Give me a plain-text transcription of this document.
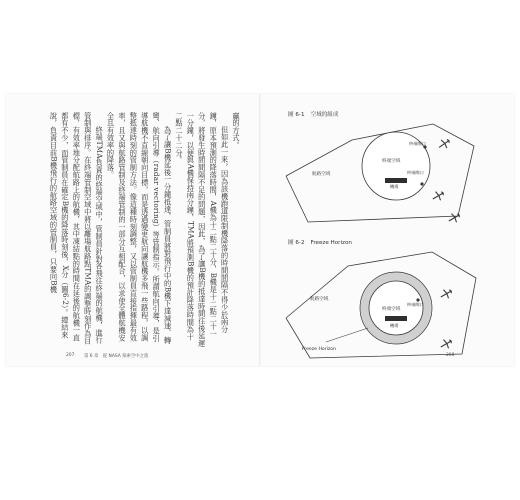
贏的方式。

但如此一來，因為該機跑道限制機降落的時間間隔不得少於兩分鐘，原本預測的降落時間，A機為十二點二十分，B機是十二點二十一分，將發生時間間隔不足的問題，因此，為了讓B機的抵達時間往後延遲一分鐘，以便與A機保持兩分鐘，TMA將預測B機的預計降落時間為十二點二十二分。

為了讓B機延後一分鐘抵達，管制員將對飛行中的B機下達減速、轉彎、航向引導（radar vectoring）等管制指示。所謂航向引導，是引導航機不直線朝向目標，而是透過變更航向讓航機多飛一些路程，以調整抵達時刻的管制方法。像這種時刻調整，又以管制員直接指揮最有效率，且又與航路管制及終端管制的一部分互相配合，以求使全體航機安全且有效率的降落。

終端TMA負責的終端空域中，管制員針對各飛往終端的航機，進行管制與排序。在終端管制空域中將以離場航路點TMA的調整時刻作為目標，有效率地分配航路上的航機，其中凍結點的時間在延後的航機一直都有不少，而管制員在確定B機的降落時刻後，X分（圖6-2）。總結來說，負責目前B機飛行的航路空域的管制員，只要向B機

207 第 6 章　從 NASA 探索空中之旅	208
圖 6-1 空域的組成
航路空域
終端空域
機場
終端閘口
終端閘口
圖 6-2 Freeze Horizon
航路空域
終端空域
機場
終端閘口
Freeze Horizon
